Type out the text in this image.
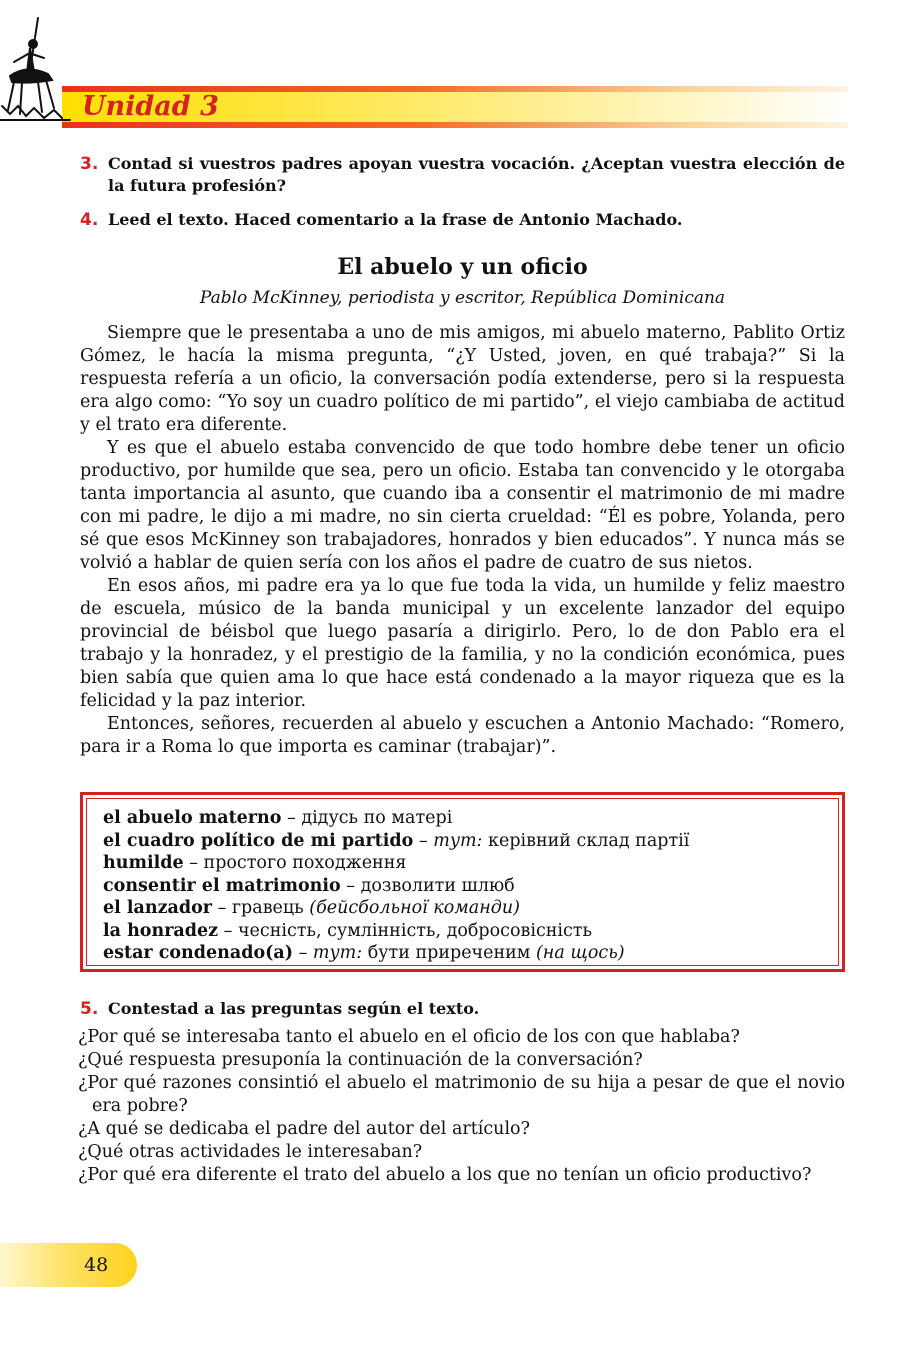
Unidad 3
3. Contad si vuestros padres apoyan vuestra vocación. ¿Aceptan vuestra elección de la futura profesión?
4. Leed el texto. Haced comentario a la frase de Antonio Machado.
El abuelo y un oficio
Pablo McKinney, periodista y escritor, República Dominicana

Siempre que le presentaba a uno de mis amigos, mi abuelo materno, Pablito Ortiz Gómez, le hacía la misma pregunta, “¿Y Usted, joven, en qué trabaja?” Si la respuesta refería a un oficio, la conversación podía extenderse, pero si la respuesta era algo como: “Yo soy un cuadro político de mi partido”, el viejo cambiaba de actitud y el trato era diferente.

Y es que el abuelo estaba convencido de que todo hombre debe tener un oficio productivo, por humilde que sea, pero un oficio. Estaba tan convencido y le otorgaba tanta importancia al asunto, que cuando iba a consentir el matrimonio de mi madre con mi padre, le dijo a mi madre, no sin cierta crueldad: “Él es pobre, Yolanda, pero sé que esos McKinney son trabajadores, honrados y bien educados”. Y nunca más se volvió a hablar de quien sería con los años el padre de cuatro de sus nietos.

En esos años, mi padre era ya lo que fue toda la vida, un humilde y feliz maestro de escuela, músico de la banda municipal y un excelente lanzador del equipo provincial de béisbol que luego pasaría a dirigirlo. Pero, lo de don Pablo era el trabajo y la honradez, y el prestigio de la familia, y no la condición económica, pues bien sabía que quien ama lo que hace está condenado a la mayor riqueza que es la felicidad y la paz interior.

Entonces, señores, recuerden al abuelo y escuchen a Antonio Machado: “Romero, para ir a Roma lo que importa es caminar (trabajar)”.

el abuelo materno – дідусь по матері
el cuadro político de mi partido – тут: керівний склад партії
humilde – простого походження
consentir el matrimonio – дозволити шлюб
el lanzador – гравець (бейсбольної команди)
la honradez – чесність, сумлінність, добросовісність
estar condenado(a) – тут: бути приреченим (на щось)
5. Contestad a las preguntas según el texto.
¿Por qué se interesaba tanto el abuelo en el oficio de los con que hablaba?
¿Qué respuesta presuponía la continuación de la conversación?
¿Por qué razones consintió el abuelo el matrimonio de su hija a pesar de que el novio era pobre?
¿A qué se dedicaba el padre del autor del artículo?
¿Qué otras actividades le interesaban?
¿Por qué era diferente el trato del abuelo a los que no tenían un oficio productivo?
48
